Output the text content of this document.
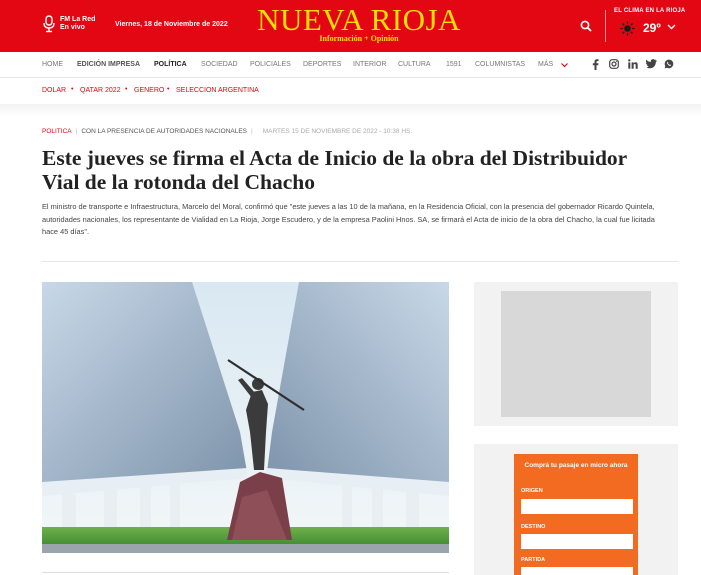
FM La Red
En vivo	Viernes, 18 de Noviembre de 2022 NUEVA RIOJA
Información + Opinión
EL CLIMA EN LA RIOJA
29º
HOME EDICIÓN IMPRESA POLÍTICA SOCIEDAD POLICIALES DEPORTES INTERIOR CULTURA 1591 COLUMNISTAS MÁS
DOLAR • QATAR 2022 • GENERO • SELECCION ARGENTINA
POLITICA | CON LA PRESENCIA DE AUTORIDADES NACIONALES | MARTES 15 DE NOVIEMBRE DE 2022 - 10:38 HS.
Este jueves se firma el Acta de Inicio de la obra del Distribuidor Vial de la rotonda del Chacho

El ministro de transporte e Infraestructura, Marcelo del Moral, confirmó que "este jueves a las 10 de la mañana, en la Residencia Oficial, con la presencia del gobernador Ricardo Quintela, autoridades nacionales, los representante de Vialidad en La Rioja, Jorge Escudero, y de la empresa Paolini Hnos. SA, se firmará el Acta de inicio de la obra del Chacho, la cual fue licitada hace 45 días".

Comprá tu pasaje en micro ahora
ORIGEN
DESTINO
PARTIDA
